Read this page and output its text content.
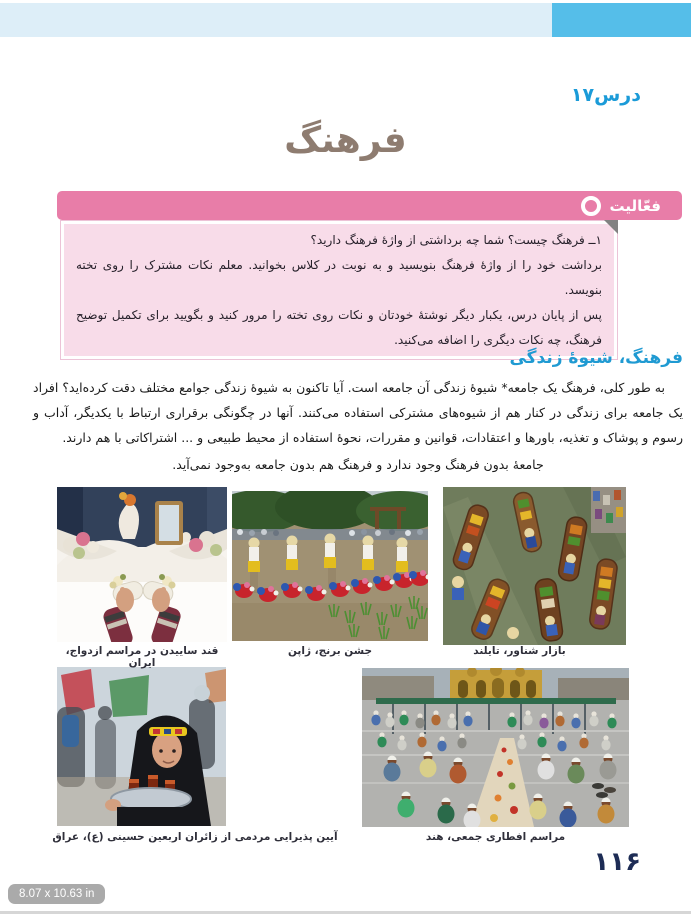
درس۱۷
فرهنگ
فعّالیت

۱ــ فرهنگ چیست؟ شما چه برداشتی از واژهٔ فرهنگ دارید؟

برداشت خود را از واژهٔ فرهنگ بنویسید و به نوبت در کلاس بخوانید. معلم نکات مشترک را روی تخته بنویسد.

پس از پایان درس، یکبار دیگر نوشتهٔ خودتان و نکات روی تخته را مرور کنید و بگویید برای تکمیل توضیح فرهنگ، چه نکات دیگری را اضافه می‌کنید.

فرهنگ، شیوهٔ زندگی

به طور کلی، فرهنگ یک جامعه* شیوهٔ زندگی آن جامعه است. آیا تاکنون به شیوهٔ زندگی جوامع مختلف دقت کرده‌اید؟ افراد یک جامعه برای زندگی در کنار هم از شیوه‌های مشترکی استفاده می‌کنند. آنها در چگونگی برقراری ارتباط با یکدیگر، آداب و رسوم و پوشاک و تغذیه، باورها و اعتقادات، قوانین و مقررات، نحوهٔ استفاده از محیط طبیعی و ... اشتراکاتی با هم دارند.

جامعهٔ بدون فرهنگ وجود ندارد و فرهنگ هم بدون جامعه به‌وجود نمی‌آید.

قند ساییدن در مراسم ازدواج، ایران
جشن برنج، ژاپن	بازار شناور، تایلند
آیین پذیرایی مردمی از زائران اربعین حسینی (ع)، عراق	مراسم افطاری جمعی، هند
۱۱۶
8.07 x 10.63 in
